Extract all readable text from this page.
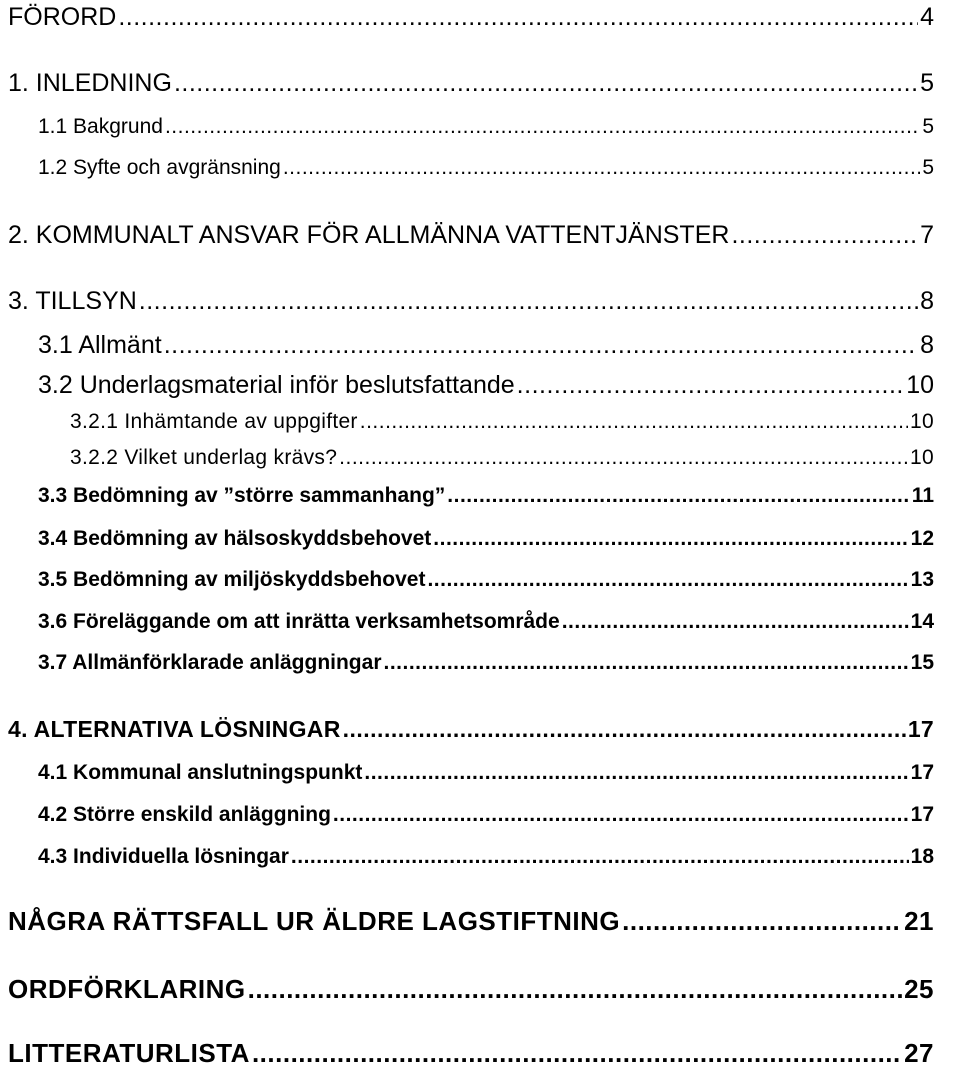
FÖRORD .....	4
1. INLEDNING .....	5
1.1 Bakgrund .....	5
1.2 Syfte och avgränsning .....	5
2. KOMMUNALT ANSVAR FÖR ALLMÄNNA VATTENTJÄNSTER .....	7
3. TILLSYN .....	8
3.1 Allmänt .....	8
3.2 Underlagsmaterial inför beslutsfattande .....	10
3.2.1 Inhämtande av uppgifter .....	10
3.2.2 Vilket underlag krävs? .....	10
3.3 Bedömning av ”större sammanhang” .....	11
3.4 Bedömning av hälsoskyddsbehovet .....	12
3.5 Bedömning av miljöskyddsbehovet .....	13
3.6 Föreläggande om att inrätta verksamhetsområde .....	14
3.7 Allmänförklarade anläggningar .....	15
4. ALTERNATIVA LÖSNINGAR .....	17
4.1 Kommunal anslutningspunkt .....	17
4.2 Större enskild anläggning .....	17
4.3 Individuella lösningar .....	18
NÅGRA RÄTTSFALL UR ÄLDRE LAGSTIFTNING .....	21
ORDFÖRKLARING .....	25
LITTERATURLISTA .....	27
